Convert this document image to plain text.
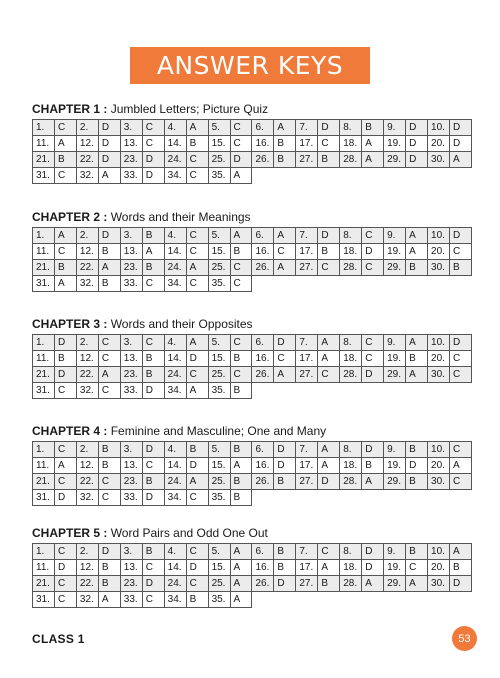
ANSWER KEYS
CHAPTER 1 : Jumbled Letters; Picture Quiz
1.	C	2.	D	3.	C	4.	A	5.	C	6.	A	7.	D	8.	B	9.	D	10.	D
11.	A	12.	D	13.	C	14.	B	15.	C	16.	B	17.	C	18.	A	19.	D	20.	D
21.	B	22.	D	23.	D	24.	C	25.	D	26.	B	27.	B	28.	A	29.	D	30.	A
31.	C	32.	A	33.	D	34.	C	35.	A										
CHAPTER 2 : Words and their Meanings
1.	A	2.	D	3.	B	4.	C	5.	A	6.	A	7.	D	8.	C	9.	A	10.	D
11.	C	12.	B	13.	A	14.	C	15.	B	16.	C	17.	B	18.	D	19.	A	20.	C
21.	B	22.	A	23.	B	24.	A	25.	C	26.	A	27.	C	28.	C	29.	B	30.	B
31.	A	32.	B	33.	C	34.	C	35.	C										
CHAPTER 3 : Words and their Opposites
1.	D	2.	C	3.	C	4.	A	5.	C	6.	D	7.	A	8.	C	9.	A	10.	D
11.	B	12.	C	13.	B	14.	D	15.	B	16.	C	17.	A	18.	C	19.	B	20.	C
21.	D	22.	A	23.	B	24.	C	25.	C	26.	A	27.	C	28.	D	29.	A	30.	C
31.	C	32.	C	33.	D	34.	A	35.	B										
CHAPTER 4 : Feminine and Masculine; One and Many
1.	C	2.	B	3.	D	4.	B	5.	B	6.	D	7.	A	8.	D	9.	B	10.	C
11.	A	12.	B	13.	C	14.	D	15.	A	16.	D	17.	A	18.	B	19.	D	20.	A
21.	C	22.	C	23.	B	24.	A	25.	B	26.	B	27.	D	28.	A	29.	B	30.	C
31.	D	32.	C	33.	D	34.	C	35.	B										
CHAPTER 5 : Word Pairs and Odd One Out
1.	C	2.	D	3.	B	4.	C	5.	A	6.	B	7.	C	8.	D	9.	B	10.	A
11.	D	12.	B	13.	C	14.	D	15.	A	16.	B	17.	A	18.	D	19.	C	20.	B
21.	C	22.	B	23.	D	24.	C	25.	A	26.	D	27.	B	28.	A	29.	A	30.	D
31.	C	32.	A	33.	C	34.	B	35.	A										
CLASS 1	53
